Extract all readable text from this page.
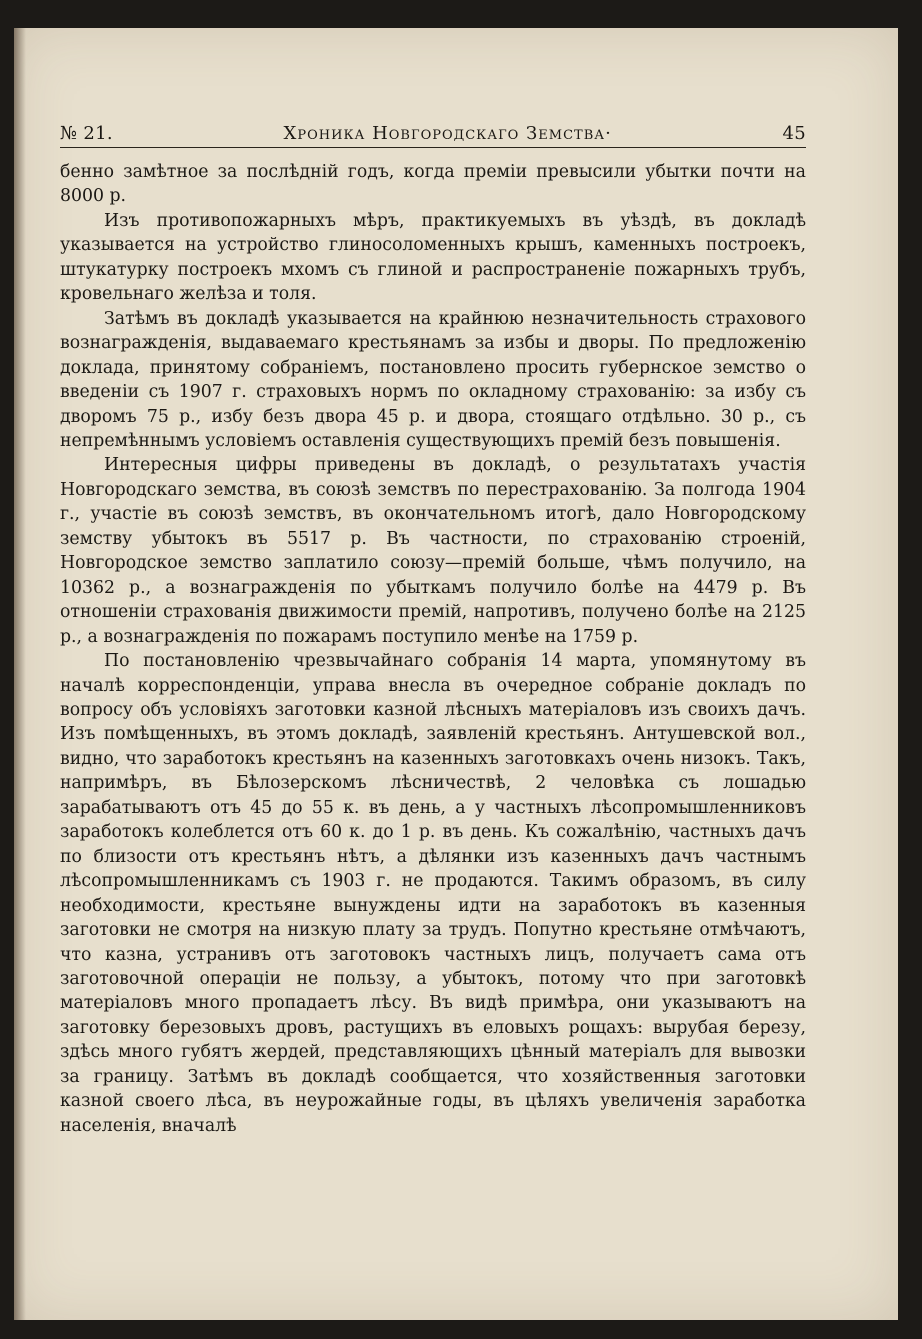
№ 21.	Хроника Новгородскаго Земства·	45

бенно замѣтное за послѣдній годъ, когда преміи превысили убытки почти на 8000 р.

Изъ противопожарныхъ мѣръ, практикуемыхъ въ уѣздѣ, въ докладѣ указывается на устройство глиносоломенныхъ крышъ, каменныхъ построекъ, штукатурку построекъ мхомъ съ глиной и распространеніе пожарныхъ трубъ, кровельнаго желѣза и толя.

Затѣмъ въ докладѣ указывается на крайнюю незначительность страхового вознагражденія, выдаваемаго крестьянамъ за избы и дворы. По предложенію доклада, принятому собраніемъ, постановлено просить губернское земство о введеніи съ 1907 г. страховыхъ нормъ по окладному страхованію: за избу съ дворомъ 75 р., избу безъ двора 45 р. и двора, стоящаго отдѣльно. 30 р., съ непремѣннымъ условіемъ оставленія существующихъ премій безъ повышенія.

Интересныя цифры приведены въ докладѣ, о результатахъ участія Новгородскаго земства, въ союзѣ земствъ по перестрахованію. За полгода 1904 г., участіе въ союзѣ земствъ, въ окончательномъ итогѣ, дало Новгородскому земству убытокъ въ 5517 р. Въ частности, по страхованію строеній, Новгородское земство заплатило союзу—премій больше, чѣмъ получило, на 10362 р., а вознагражденія по убыткамъ получило болѣе на 4479 р. Въ отношеніи страхованія движимости премій, напротивъ, получено болѣе на 2125 р., а вознагражденія по пожарамъ поступило менѣе на 1759 р.

По постановленію чрезвычайнаго собранія 14 марта, упомянутому въ началѣ корреспонденціи, управа внесла въ очередное собраніе докладъ по вопросу объ условіяхъ заготовки казной лѣсныхъ матеріаловъ изъ своихъ дачъ. Изъ помѣщенныхъ, въ этомъ докладѣ, заявленій крестьянъ. Антушевской вол., видно, что заработокъ крестьянъ на казенныхъ заготовкахъ очень низокъ. Такъ, напримѣръ, въ Бѣлозерскомъ лѣсничествѣ, 2 человѣка съ лошадью зарабатываютъ отъ 45 до 55 к. въ день, а у частныхъ лѣсопромышленниковъ заработокъ колеблется отъ 60 к. до 1 р. въ день. Къ сожалѣнію, частныхъ дачъ по близости отъ крестьянъ нѣтъ, а дѣлянки изъ казенныхъ дачъ частнымъ лѣсопромышленникамъ съ 1903 г. не продаются. Такимъ образомъ, въ силу необходимости, крестьяне вынуждены идти на заработокъ въ казенныя заготовки не смотря на низкую плату за трудъ. Попутно крестьяне отмѣчаютъ, что казна, устранивъ отъ заготовокъ частныхъ лицъ, получаетъ сама отъ заготовочной операціи не пользу, а убытокъ, потому что при заготовкѣ матеріаловъ много пропадаетъ лѣсу. Въ видѣ примѣра, они указываютъ на заготовку березовыхъ дровъ, растущихъ въ еловыхъ рощахъ: вырубая березу, здѣсь много губятъ жердей, представляющихъ цѣнный матеріалъ для вывозки за границу. Затѣмъ въ докладѣ сообщается, что хозяйственныя заготовки казной своего лѣса, въ неурожайные годы, въ цѣляхъ увеличенія заработка населенія, вначалѣ
